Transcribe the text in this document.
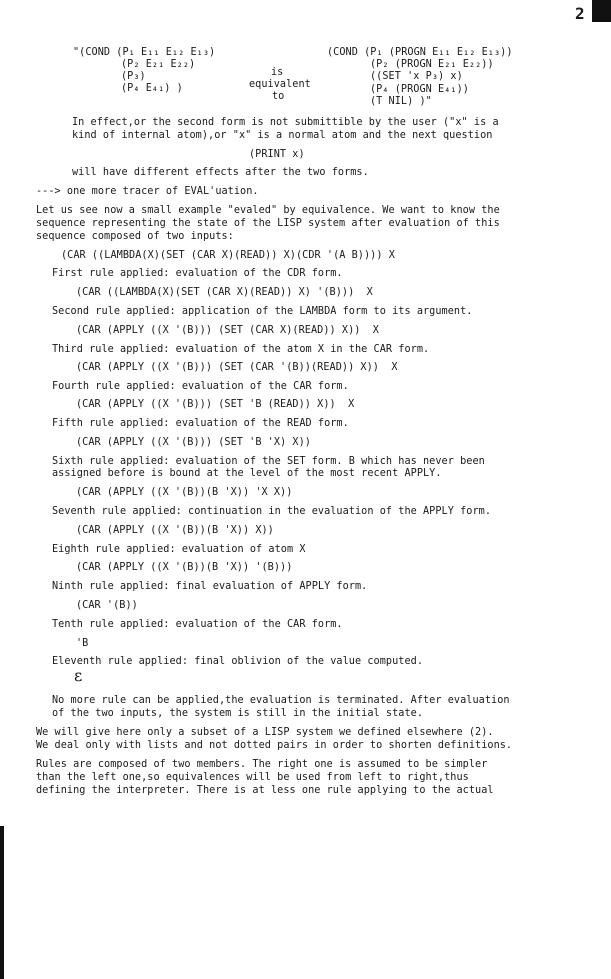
2
"(COND (P₁ E₁₁ E₁₂ E₁₃)	(COND (P₁ (PROGN E₁₁ E₁₂ E₁₃))
(P₂ E₂₁ E₂₂)	(P₂ (PROGN E₂₁ E₂₂))
is
(P₃)	((SET 'x P₃) x)
equivalent
(P₄ E₄₁) )	(P₄ (PROGN E₄₁))
to	(T NIL) )"
In effect,or the second form is not submittible by the user ("x" is a
kind of internal atom),or "x" is a normal atom and the next question
(PRINT x)
will have different effects after the two forms.
---> one more tracer of EVAL'uation.
Let us see now a small example "evaled" by equivalence. We want to know the
sequence representing the state of the LISP system after evaluation of this
sequence composed of two inputs:
(CAR ((LAMBDA(X)(SET (CAR X)(READ)) X)(CDR '(A B)))) X
First rule applied: evaluation of the CDR form.
(CAR ((LAMBDA(X)(SET (CAR X)(READ)) X) '(B)))  X
Second rule applied: application of the LAMBDA form to its argument.
(CAR (APPLY ((X '(B))) (SET (CAR X)(READ)) X))  X
Third rule applied: evaluation of the atom X in the CAR form.
(CAR (APPLY ((X '(B))) (SET (CAR '(B))(READ)) X))  X
Fourth rule applied: evaluation of the CAR form.
(CAR (APPLY ((X '(B))) (SET 'B (READ)) X))  X
Fifth rule applied: evaluation of the READ form.
(CAR (APPLY ((X '(B))) (SET 'B 'X) X))
Sixth rule applied: evaluation of the SET form. B which has never been
assigned before is bound at the level of the most recent APPLY.
(CAR (APPLY ((X '(B))(B 'X)) 'X X))
Seventh rule applied: continuation in the evaluation of the APPLY form.
(CAR (APPLY ((X '(B))(B 'X)) X))
Eighth rule applied: evaluation of atom X
(CAR (APPLY ((X '(B))(B 'X)) '(B)))
Ninth rule applied: final evaluation of APPLY form.
(CAR '(B))
Tenth rule applied: evaluation of the CAR form.
'B
Eleventh rule applied: final oblivion of the value computed.
No more rule can be applied,the evaluation is terminated. After evaluation
of the two inputs, the system is still in the initial state.
We will give here only a subset of a LISP system we defined elsewhere (2).
We deal only with lists and not dotted pairs in order to shorten definitions.
Rules are composed of two members. The right one is assumed to be simpler
than the left one,so equivalences will be used from left to right,thus
defining the interpreter. There is at less one rule applying to the actual
ε
